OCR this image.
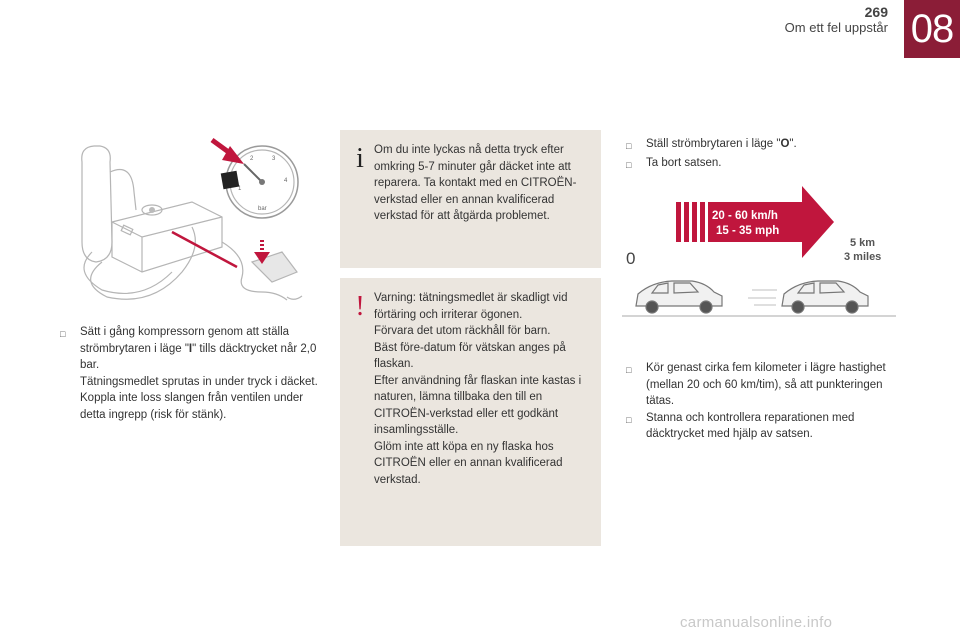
269
Om ett fel uppstår 08
1
2	3
4
bar
□	Sätt i gång kompressorn genom att ställa strömbrytaren i läge "I" tills däcktrycket når 2,0 bar.
Tätningsmedlet sprutas in under tryck i däcket. Koppla inte loss slangen från ventilen under detta ingrepp (risk för stänk).
i Om du inte lyckas nå detta tryck efter omkring 5-7 minuter går däcket inte att reparera. Ta kontakt med en CITROËN-verkstad eller en annan kvalificerad verkstad för att åtgärda problemet.

! Varning: tätningsmedlet är skadligt vid förtäring och irriterar ögonen.

Förvara det utom räckhåll för barn.

Bäst före-datum för vätskan anges på flaskan.

Efter användning får flaskan inte kastas i naturen, lämna tillbaka den till en CITROËN-verkstad eller ett godkänt insamlingsställe.

Glöm inte att köpa en ny flaska hos CITROËN eller en annan kvalificerad verkstad.

□	Ställ strömbrytaren i läge "O".
□	Ta bort satsen.
20 - 60 km/h
15 - 35 mph
0
5 km
3 miles
□	Kör genast cirka fem kilometer i lägre hastighet (mellan 20 och 60 km/tim), så att punkteringen tätas.
□	Stanna och kontrollera reparationen med däcktrycket med hjälp av satsen.
carmanualsonline.info
